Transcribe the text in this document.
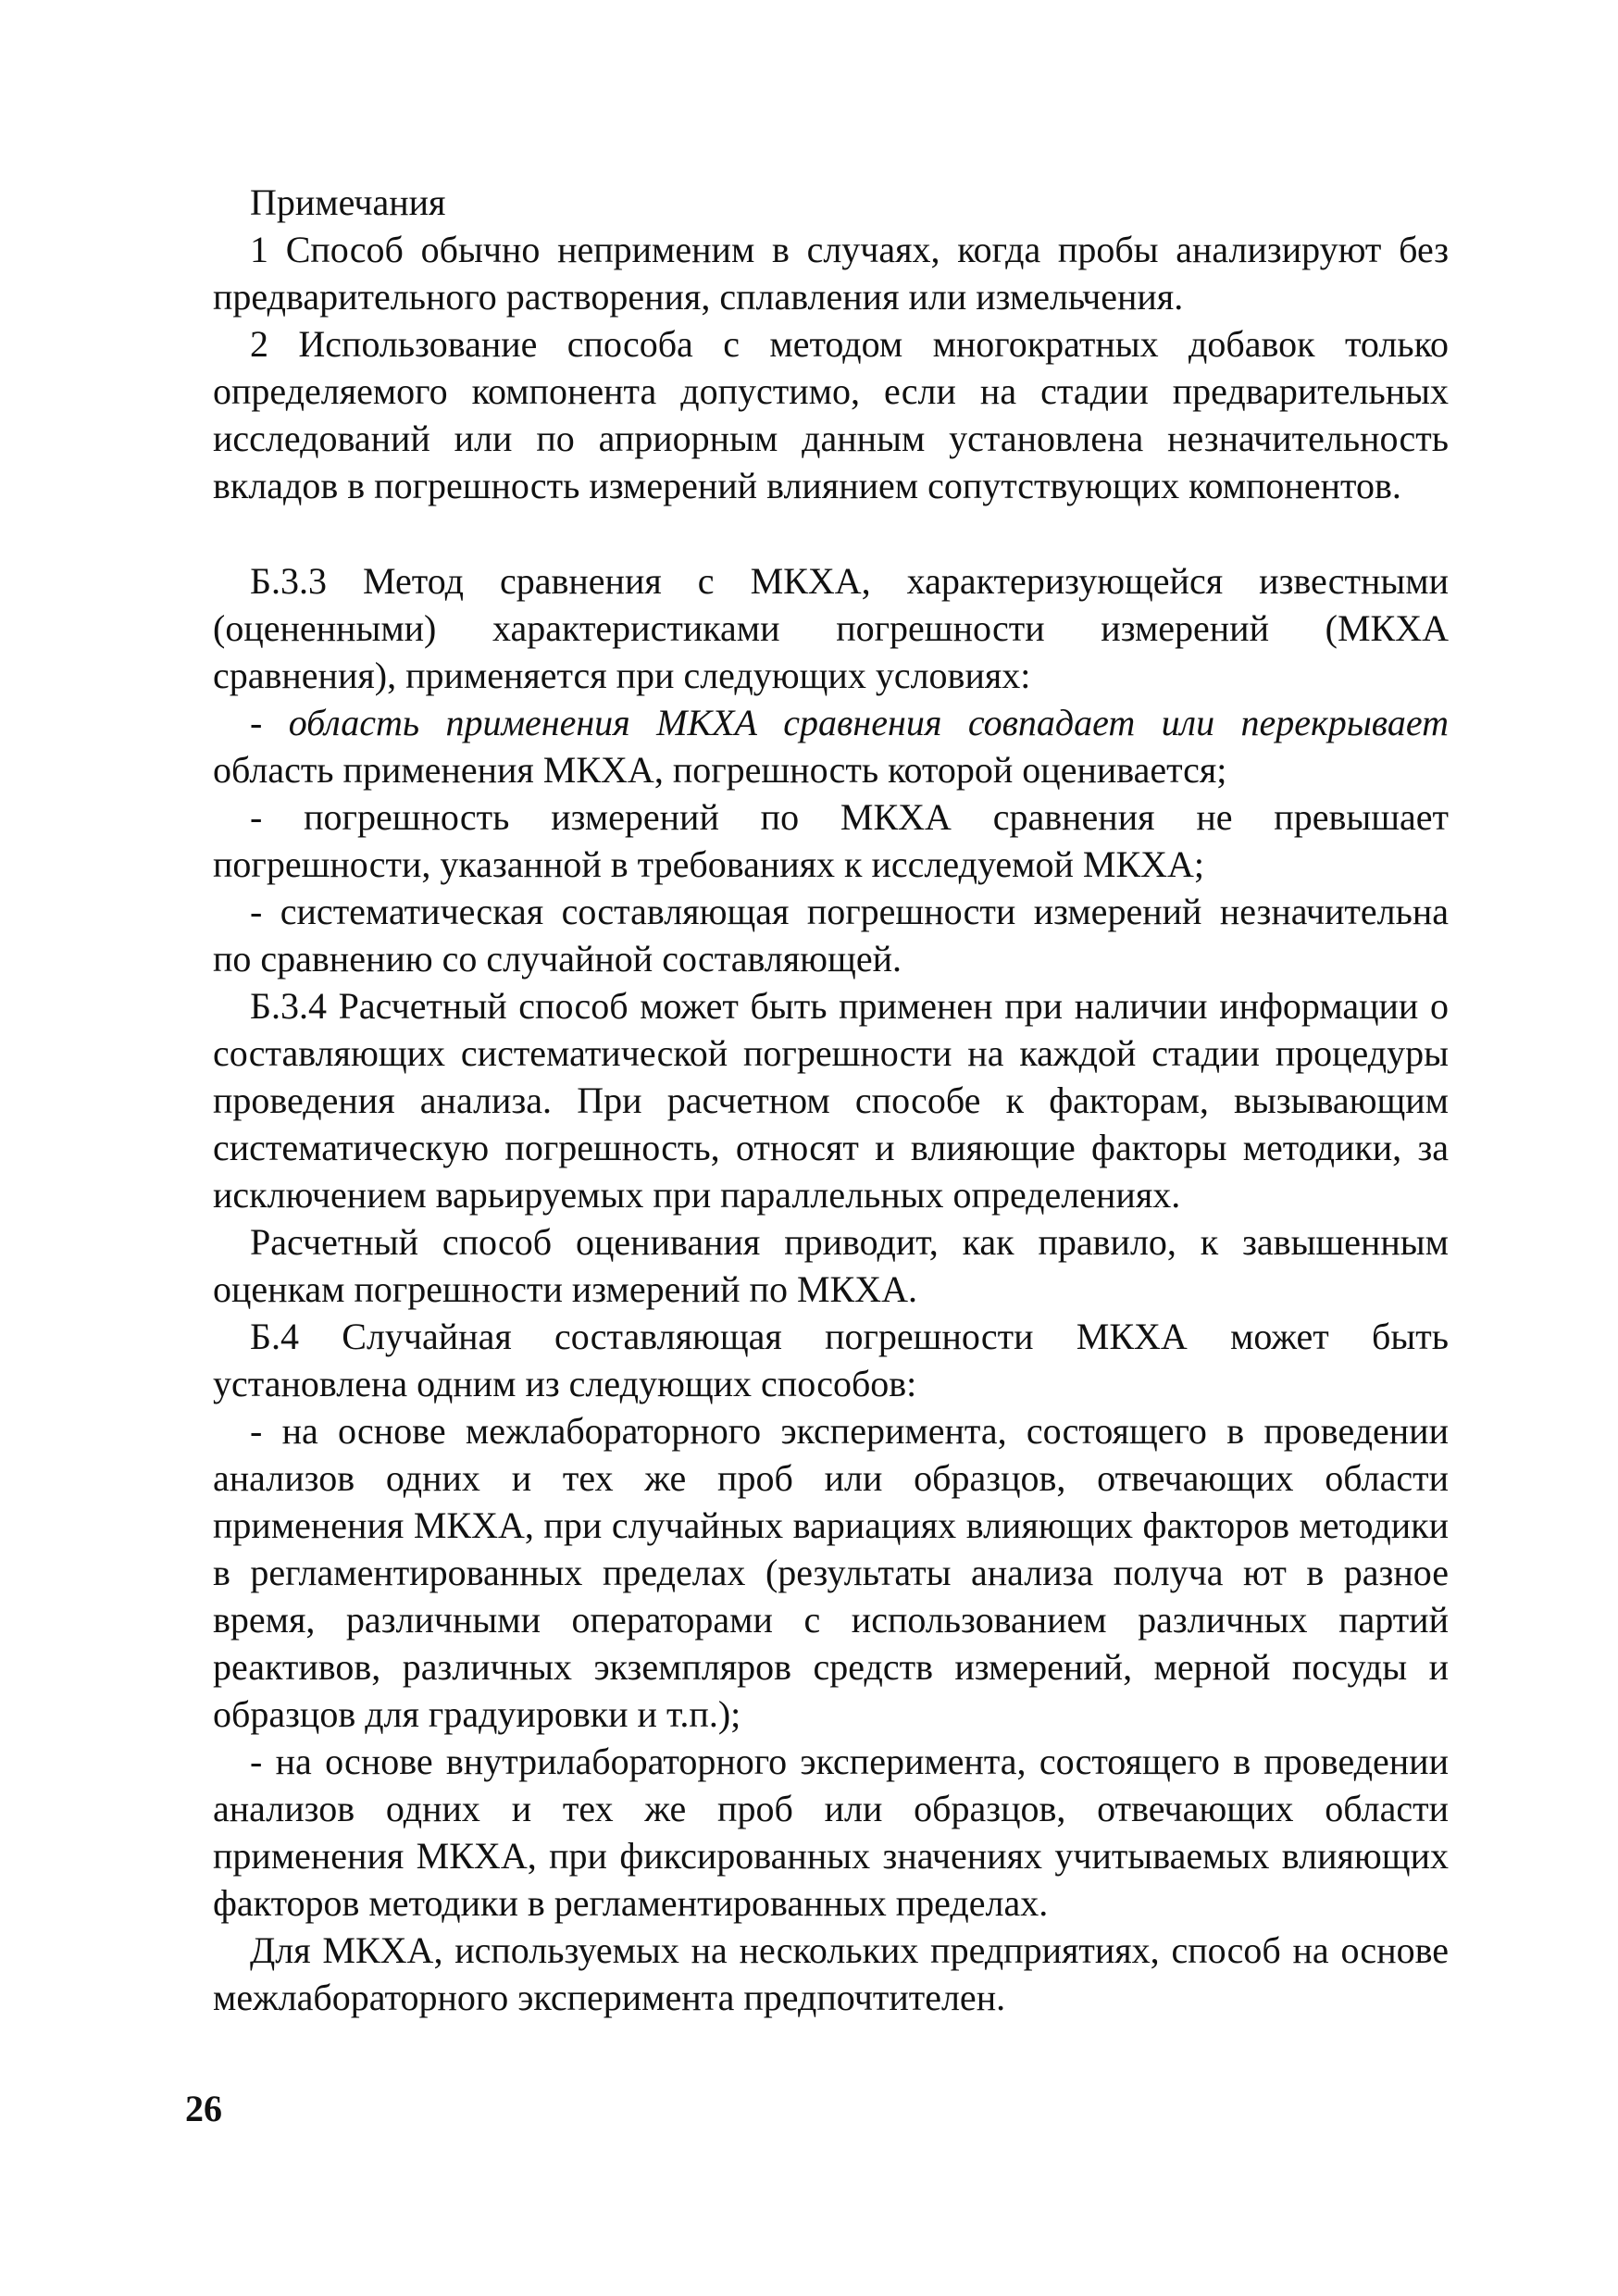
Примечания

1 Способ обычно неприменим в случаях, когда пробы анализируют без предварительного растворения, сплавления или измельчения.

2 Использование способа с методом многократных добавок только определяемого компонента допустимо, если на стадии предварительных исследований или по априорным данным установлена незначительность вкладов в погрешность измерений влиянием сопутствующих компонентов.

Б.3.3 Метод сравнения с МКХА, характеризующейся известными (оцененными) характеристиками погрешности измерений (МКХА сравнения), применяется при следующих условиях:

- область применения МКХА сравнения совпадает или перекрывает область применения МКХА, погрешность которой оценивается;

- погрешность измерений по МКХА сравнения не превышает погрешности, указанной в требованиях к исследуемой МКХА;

- систематическая составляющая погрешности измерений незначительна по сравнению со случайной составляющей.

Б.3.4 Расчетный способ может быть применен при наличии информации о составляющих систематической погрешности на каждой стадии процедуры проведения анализа. При расчетном способе к факторам, вызывающим систематическую погрешность, относят и влияющие факторы методики, за исключением варьируемых при параллельных определениях.

Расчетный способ оценивания приводит, как правило, к завышенным оценкам погрешности измерений по МКХА.

Б.4 Случайная составляющая погрешности МКХА может быть установлена одним из следующих способов:

- на основе межлабораторного эксперимента, состоящего в проведении анализов одних и тех же проб или образцов, отвечающих области применения МКХА, при случайных вариациях влияющих факторов методики в регламентированных пределах (результаты анализа получа ют в разное время, различными операторами с использованием различных партий реактивов, различных экземпляров средств измерений, мерной посуды и образцов для градуировки и т.п.);

- на основе внутрилабораторного эксперимента, состоящего в проведении анализов одних и тех же проб или образцов, отвечающих области применения МКХА, при фиксированных значениях учитываемых влияющих факторов методики в регламентированных пределах.

Для МКХА, используемых на нескольких предприятиях, способ на основе межлабораторного эксперимента предпочтителен.

26
